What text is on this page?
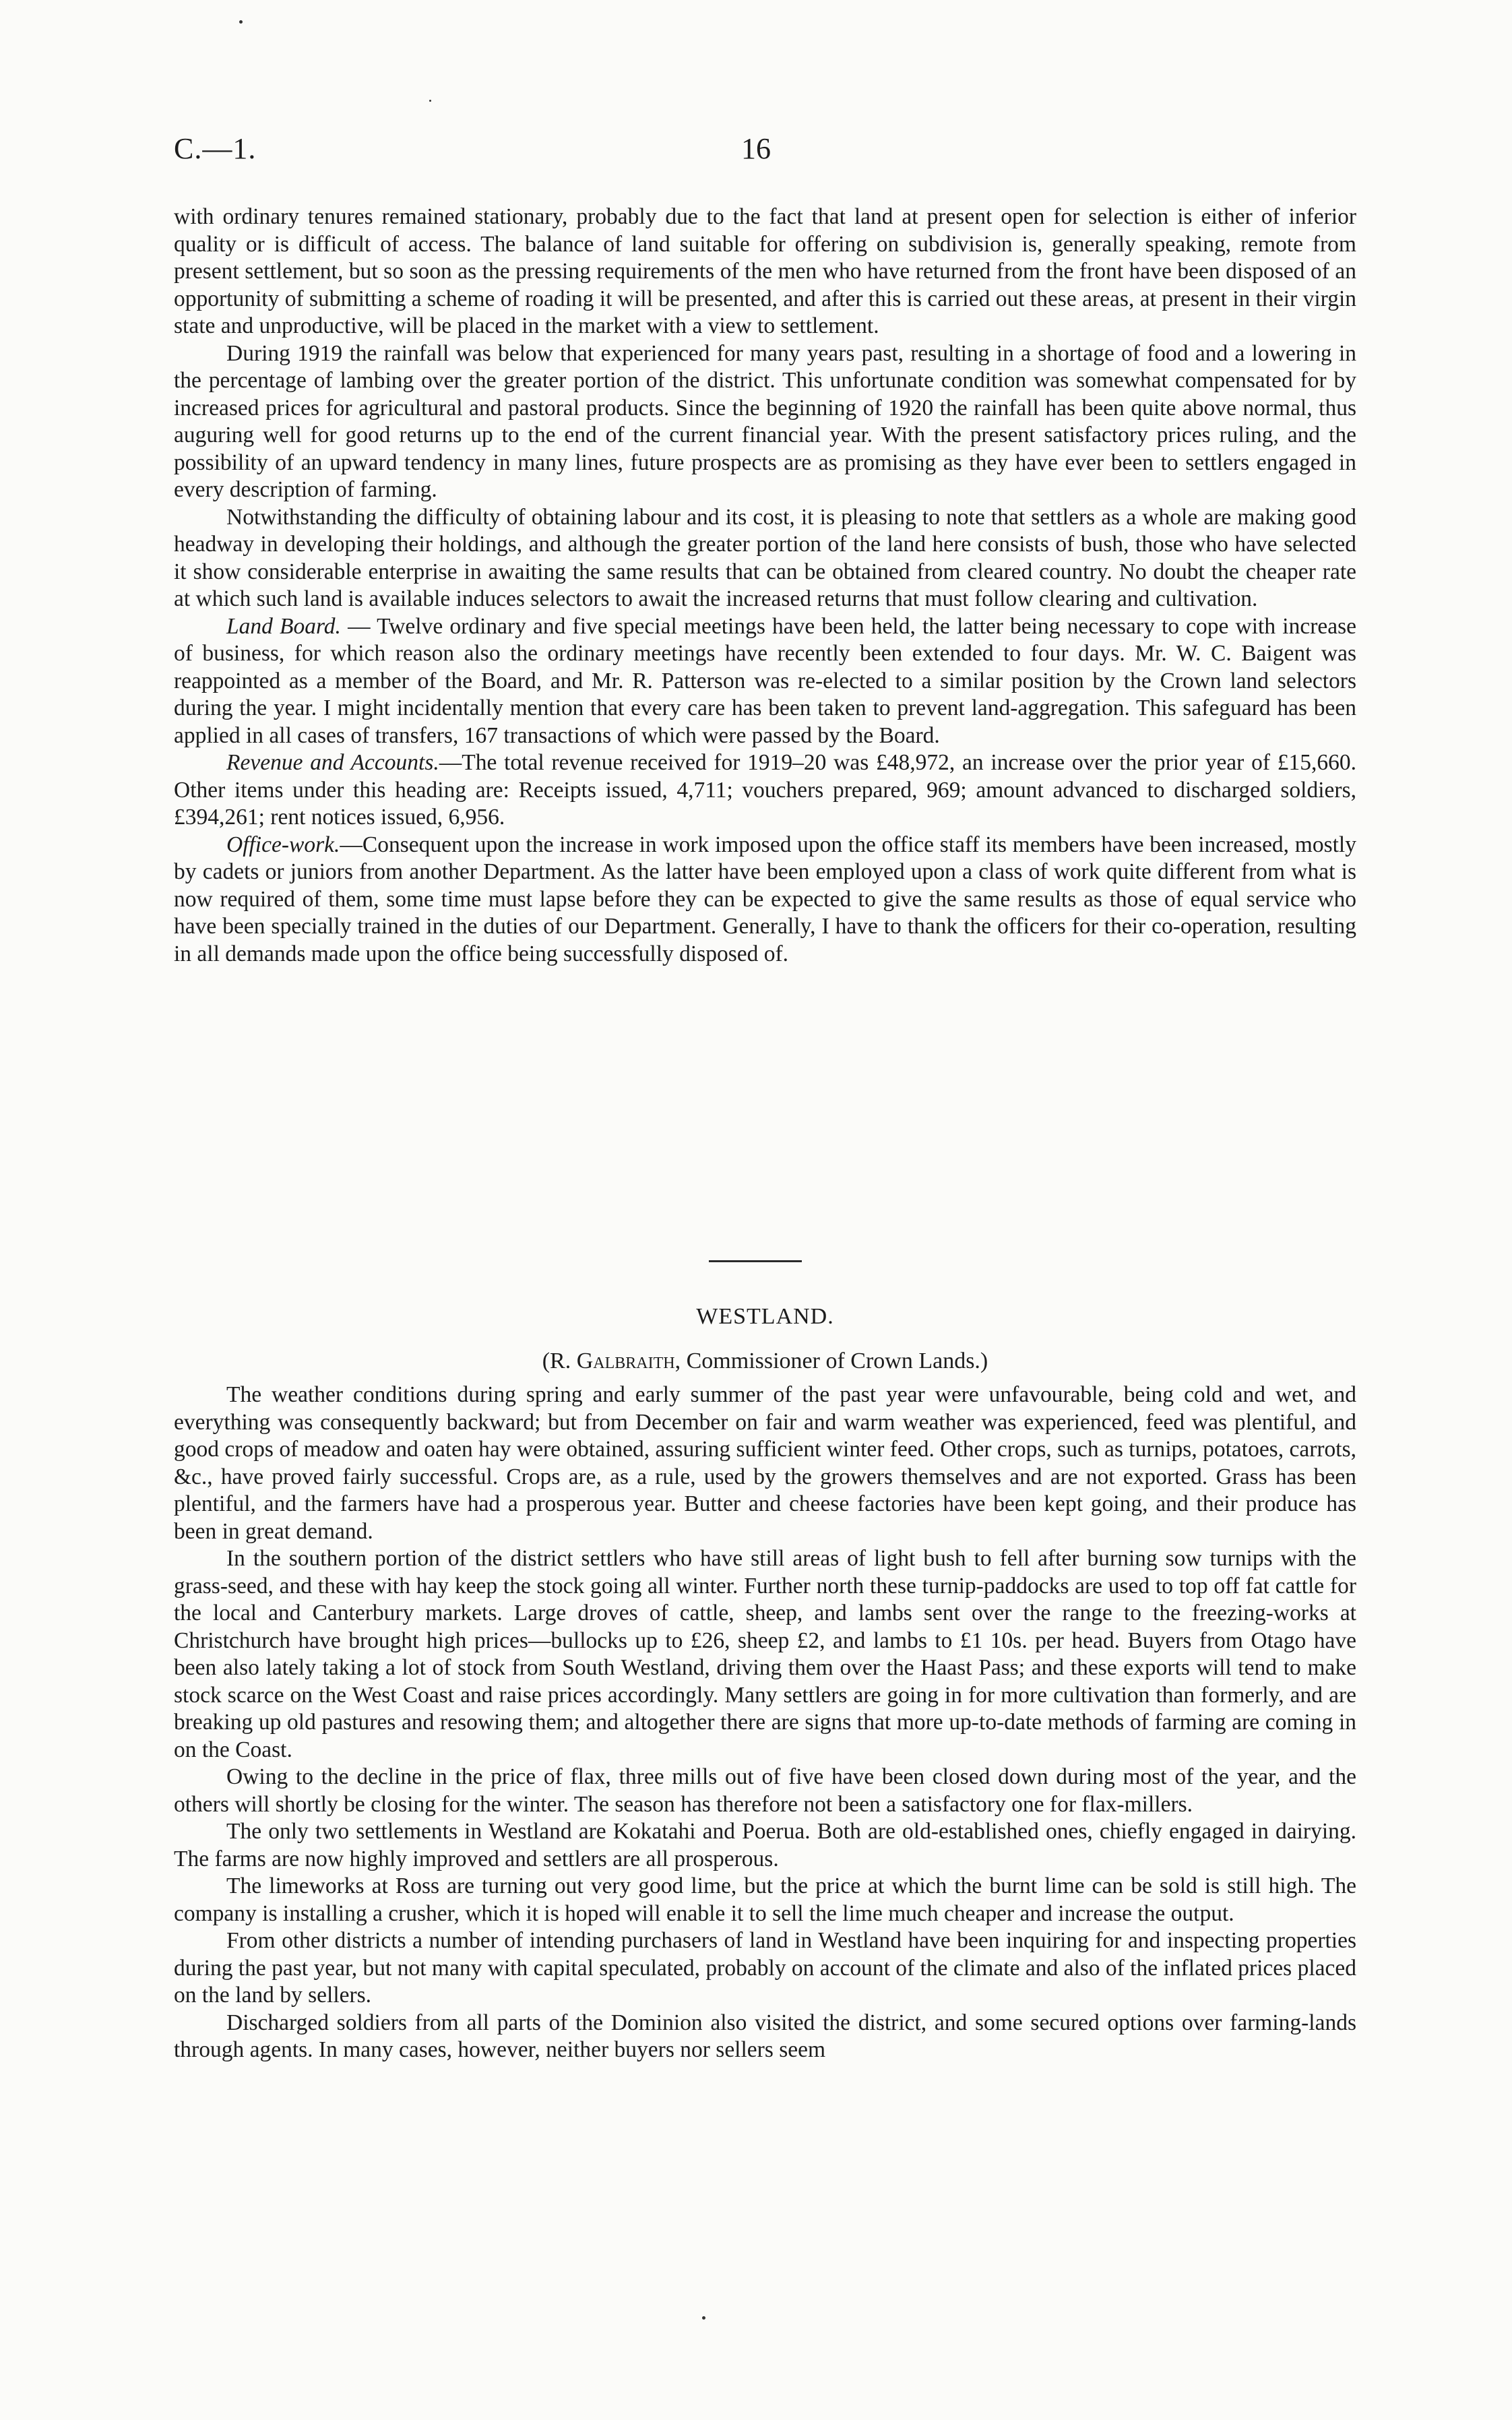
C.—1.	16

with ordinary tenures remained stationary, probably due to the fact that land at present open for selection is either of inferior quality or is difficult of access. The balance of land suitable for offering on subdivision is, generally speaking, remote from present settlement, but so soon as the pressing requirements of the men who have returned from the front have been disposed of an opportunity of submitting a scheme of roading it will be presented, and after this is carried out these areas, at present in their virgin state and unproductive, will be placed in the market with a view to settlement.

During 1919 the rainfall was below that experienced for many years past, resulting in a shortage of food and a lowering in the percentage of lambing over the greater portion of the district. This unfortunate condition was somewhat compensated for by increased prices for agricultural and pastoral products. Since the beginning of 1920 the rainfall has been quite above normal, thus auguring well for good returns up to the end of the current financial year. With the present satisfactory prices ruling, and the possibility of an upward tendency in many lines, future prospects are as promising as they have ever been to settlers engaged in every description of farming.

Notwithstanding the difficulty of obtaining labour and its cost, it is pleasing to note that settlers as a whole are making good headway in developing their holdings, and although the greater portion of the land here consists of bush, those who have selected it show considerable enterprise in awaiting the same results that can be obtained from cleared country. No doubt the cheaper rate at which such land is available induces selectors to await the increased returns that must follow clearing and cultivation.

Land Board. — Twelve ordinary and five special meetings have been held, the latter being necessary to cope with increase of business, for which reason also the ordinary meetings have recently been extended to four days. Mr. W. C. Baigent was reappointed as a member of the Board, and Mr. R. Patterson was re-elected to a similar position by the Crown land selectors during the year. I might incidentally mention that every care has been taken to prevent land-aggregation. This safeguard has been applied in all cases of transfers, 167 transactions of which were passed by the Board.

Revenue and Accounts.—The total revenue received for 1919–20 was £48,972, an increase over the prior year of £15,660. Other items under this heading are: Receipts issued, 4,711; vouchers prepared, 969; amount advanced to discharged soldiers, £394,261; rent notices issued, 6,956.

Office-work.—Consequent upon the increase in work imposed upon the office staff its members have been increased, mostly by cadets or juniors from another Department. As the latter have been employed upon a class of work quite different from what is now required of them, some time must lapse before they can be expected to give the same results as those of equal service who have been specially trained in the duties of our Department. Generally, I have to thank the officers for their co-operation, resulting in all demands made upon the office being successfully disposed of.

WESTLAND.
(R. Galbraith, Commissioner of Crown Lands.)

The weather conditions during spring and early summer of the past year were unfavourable, being cold and wet, and everything was consequently backward; but from December on fair and warm weather was experienced, feed was plentiful, and good crops of meadow and oaten hay were obtained, assuring sufficient winter feed. Other crops, such as turnips, potatoes, carrots, &c., have proved fairly successful. Crops are, as a rule, used by the growers themselves and are not exported. Grass has been plentiful, and the farmers have had a prosperous year. Butter and cheese factories have been kept going, and their produce has been in great demand.

In the southern portion of the district settlers who have still areas of light bush to fell after burning sow turnips with the grass-seed, and these with hay keep the stock going all winter. Further north these turnip-paddocks are used to top off fat cattle for the local and Canterbury markets. Large droves of cattle, sheep, and lambs sent over the range to the freezing-works at Christchurch have brought high prices—bullocks up to £26, sheep £2, and lambs to £1 10s. per head. Buyers from Otago have been also lately taking a lot of stock from South Westland, driving them over the Haast Pass; and these exports will tend to make stock scarce on the West Coast and raise prices accordingly. Many settlers are going in for more cultivation than formerly, and are breaking up old pastures and resowing them; and altogether there are signs that more up-to-date methods of farming are coming in on the Coast.

Owing to the decline in the price of flax, three mills out of five have been closed down during most of the year, and the others will shortly be closing for the winter. The season has therefore not been a satisfactory one for flax-millers.

The only two settlements in Westland are Kokatahi and Poerua. Both are old-established ones, chiefly engaged in dairying. The farms are now highly improved and settlers are all prosperous.

The limeworks at Ross are turning out very good lime, but the price at which the burnt lime can be sold is still high. The company is installing a crusher, which it is hoped will enable it to sell the lime much cheaper and increase the output.

From other districts a number of intending purchasers of land in Westland have been inquiring for and inspecting properties during the past year, but not many with capital speculated, probably on account of the climate and also of the inflated prices placed on the land by sellers.

Discharged soldiers from all parts of the Dominion also visited the district, and some secured options over farming-lands through agents. In many cases, however, neither buyers nor sellers seem
